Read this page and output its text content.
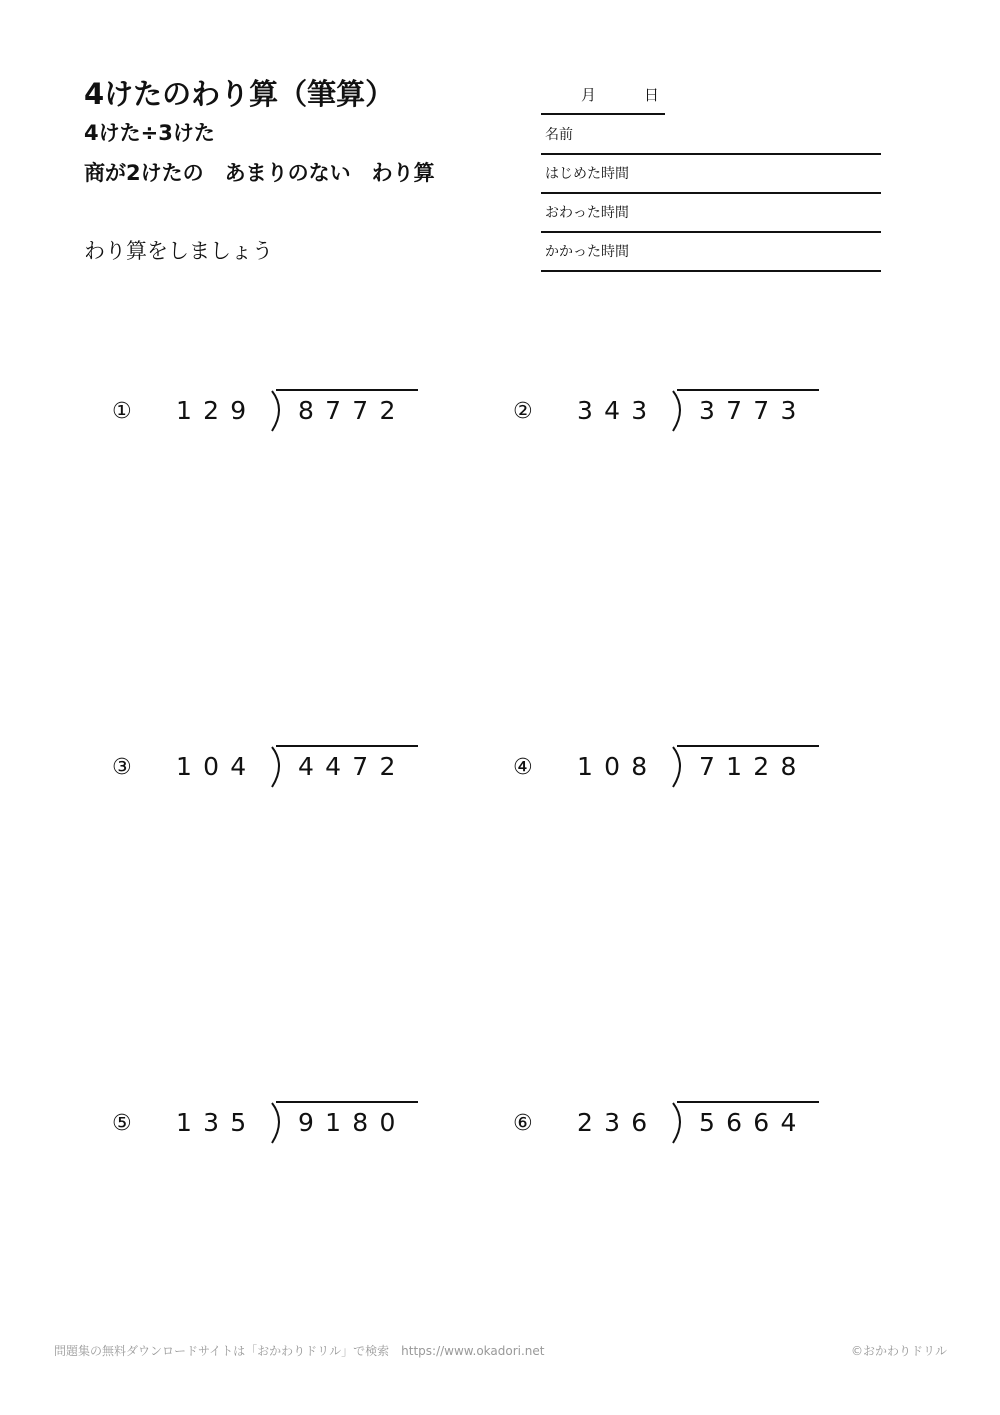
4けたのわり算（筆算）
4けた÷3けた
商が2けたの　あまりのない　わり算
わり算をしましょう
月	日
名前
はじめた時間
おわった時間
かかった時間
① 129 8772	② 343 3773
③ 104 4472	④ 108 7128
⑤ 135 9180	⑥ 236 5664
問題集の無料ダウンロードサイトは「おかわりドリル」で検索　https://www.okadori.net	©おかわりドリル
